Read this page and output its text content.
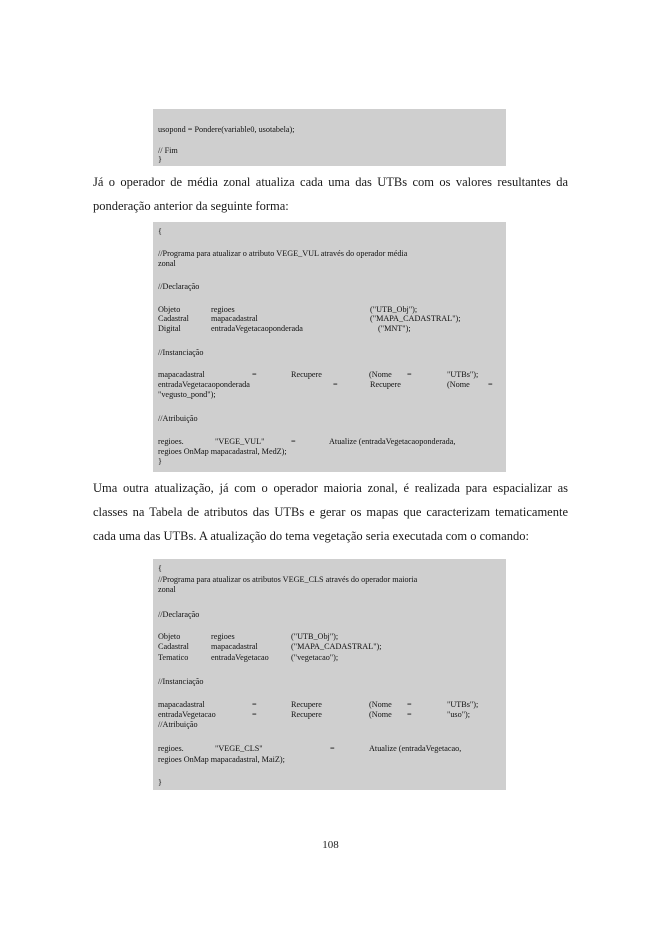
usopond = Pondere(variable0, usotabela);
// Fim
}
Já o operador de média zonal atualiza cada uma das UTBs com os valores resultantes da
ponderação anterior da seguinte forma:
{
//Programa para atualizar o atributo VEGE_VUL através do operador média
zonal
//Declaração
Objeto	regioes	("UTB_Obj");
Cadastral	mapacadastral	("MAPA_CADASTRAL");
Digital	entradaVegetacaoponderada	("MNT");
//Instanciação
mapacadastral	=	Recupere	(Nome =	"UTBs");
entradaVegetacaoponderada	=	Recupere	(Nome =
"vegusto_pond");
//Atribuição
regioes.	"VEGE_VUL"	=	Atualize (entradaVegetacaoponderada,
regioes OnMap mapacadastral, MedZ);
}
Uma outra atualização, já com o operador maioria zonal, é realizada para espacializar as
classes na Tabela de atributos das UTBs e gerar os mapas que caracterizam tematicamente
cada uma das UTBs. A atualização do tema vegetação seria executada com o comando:
{
//Programa para atualizar os atributos VEGE_CLS através do operador maioria
zonal
//Declaração
Objeto	regioes	("UTB_Obj");
Cadastral	mapacadastral	("MAPA_CADASTRAL");
Tematico	entradaVegetacao	("vegetacao");
//Instanciação
mapacadastral	=	Recupere	(Nome =	"UTBs");
entradaVegetacao	=	Recupere	(Nome =	"uso");
//Atribuição
regioes.	"VEGE_CLS"	=	Atualize (entradaVegetacao,
regioes OnMap mapacadastral, MaiZ);
}
108
